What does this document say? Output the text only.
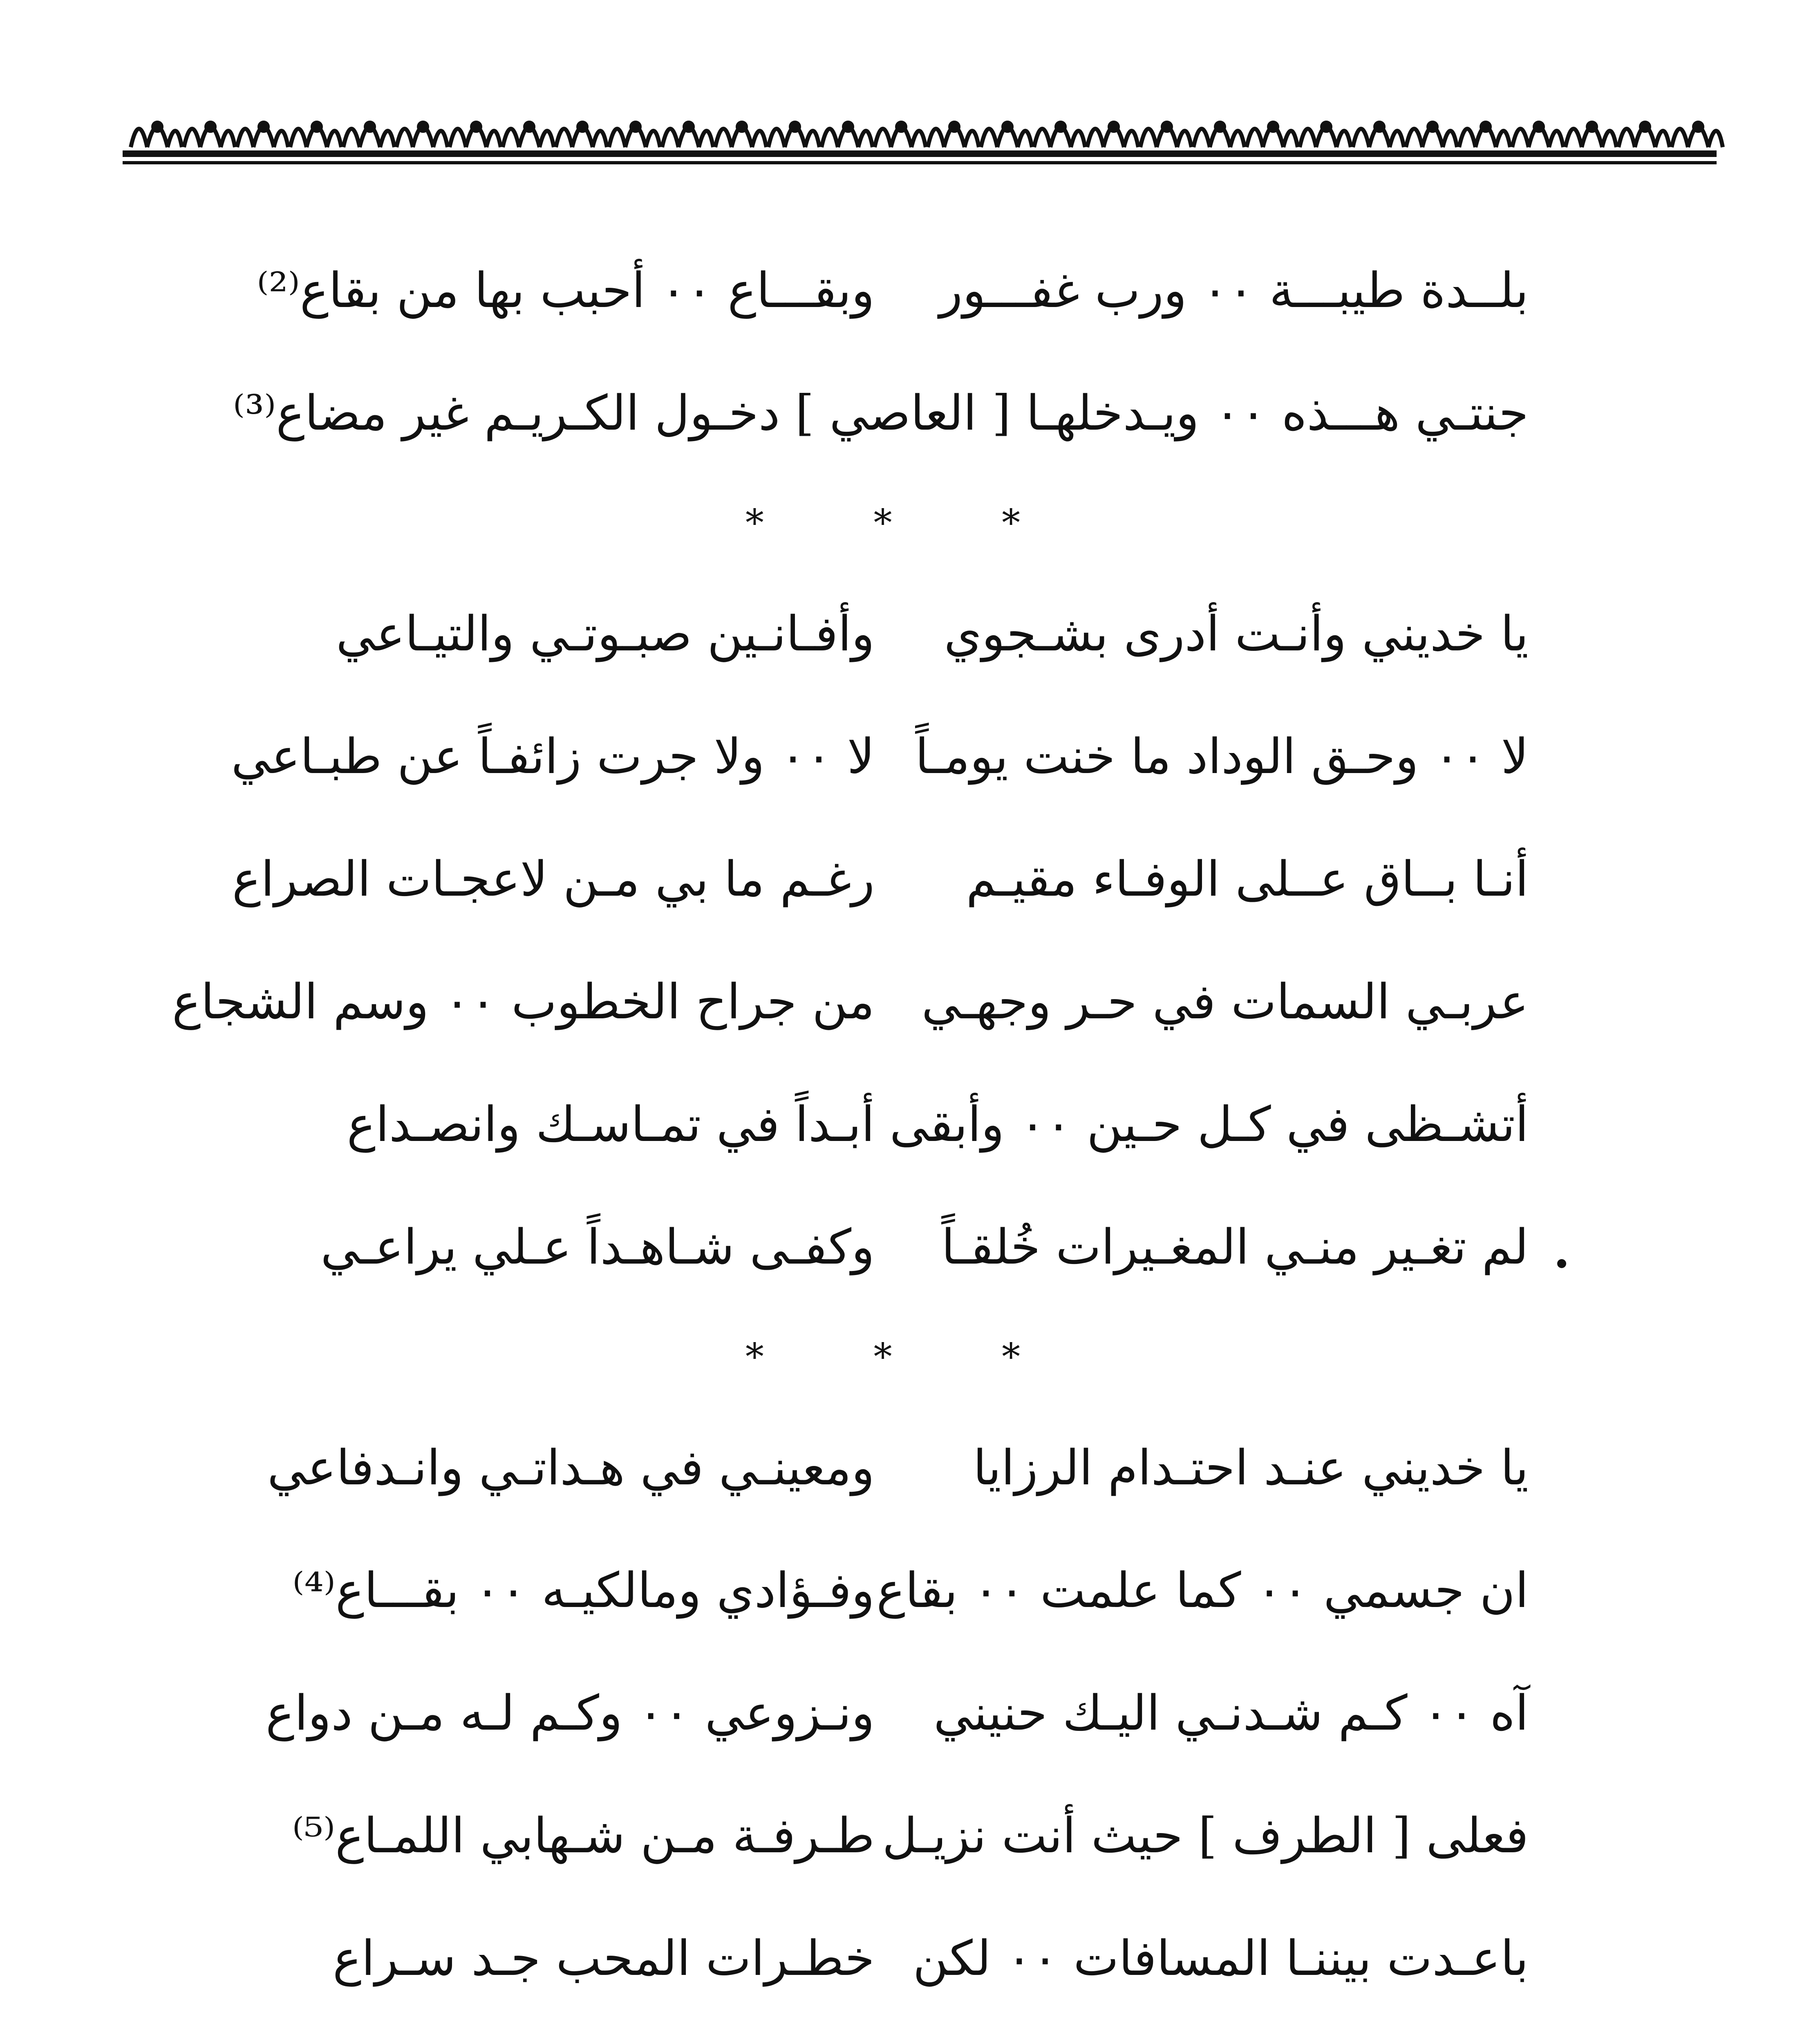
بلــدة طيبـــة ٠٠ ورب غفـــور
وبقـــاع ٠٠ أحبب بها من بقاع⁽²⁾
جنتـي هـــذه ٠٠ ويـدخلهـا [ العاصي ] دخـول الكـريـم غير مضاع⁽³⁾
* * *
يا خديني وأنـت أدرى بشـجوي
وأفـانـين صبـوتـي والتيـاعي
لا ٠٠ وحـق الوداد ما خنت يومـاً
لا ٠٠ ولا جرت زائفـاً عن طبـاعي
أنـا بــاق عــلى الوفـاء مقيـم
رغـم ما بي مـن لاعجـات الصراع
عربـي السمات في حـر وجهـي
من جراح الخطوب ٠٠ وسم الشجاع
أتشـظى في كـل حـين ٠٠ وأبقى
أبـداً في تمـاسـك وانصـداع
لم تغـير منـي المغـيرات خُلقـاً
وكفـى شـاهـداً عـلي يراعـي
* * *
يا خديني عنـد احتـدام الرزايا
ومعينـي في هـداتـي وانـدفاعي
ان جسمي ٠٠ كما علمت ٠٠ بقاع
وفـؤادي ومالكيـه ٠٠ بقـــاع⁽⁴⁾
آه ٠٠ كـم شـدنـي اليـك حنيني
ونـزوعي ٠٠ وكـم لـه مـن دواع
فعلى [ الطرف ] حيث أنت نزيـل
طـرفـة مـن شـهابي اللمـاع⁽⁵⁾
باعـدت بيننـا المسافات ٠٠ لكن
خطـرات المحب جـد سـراع
